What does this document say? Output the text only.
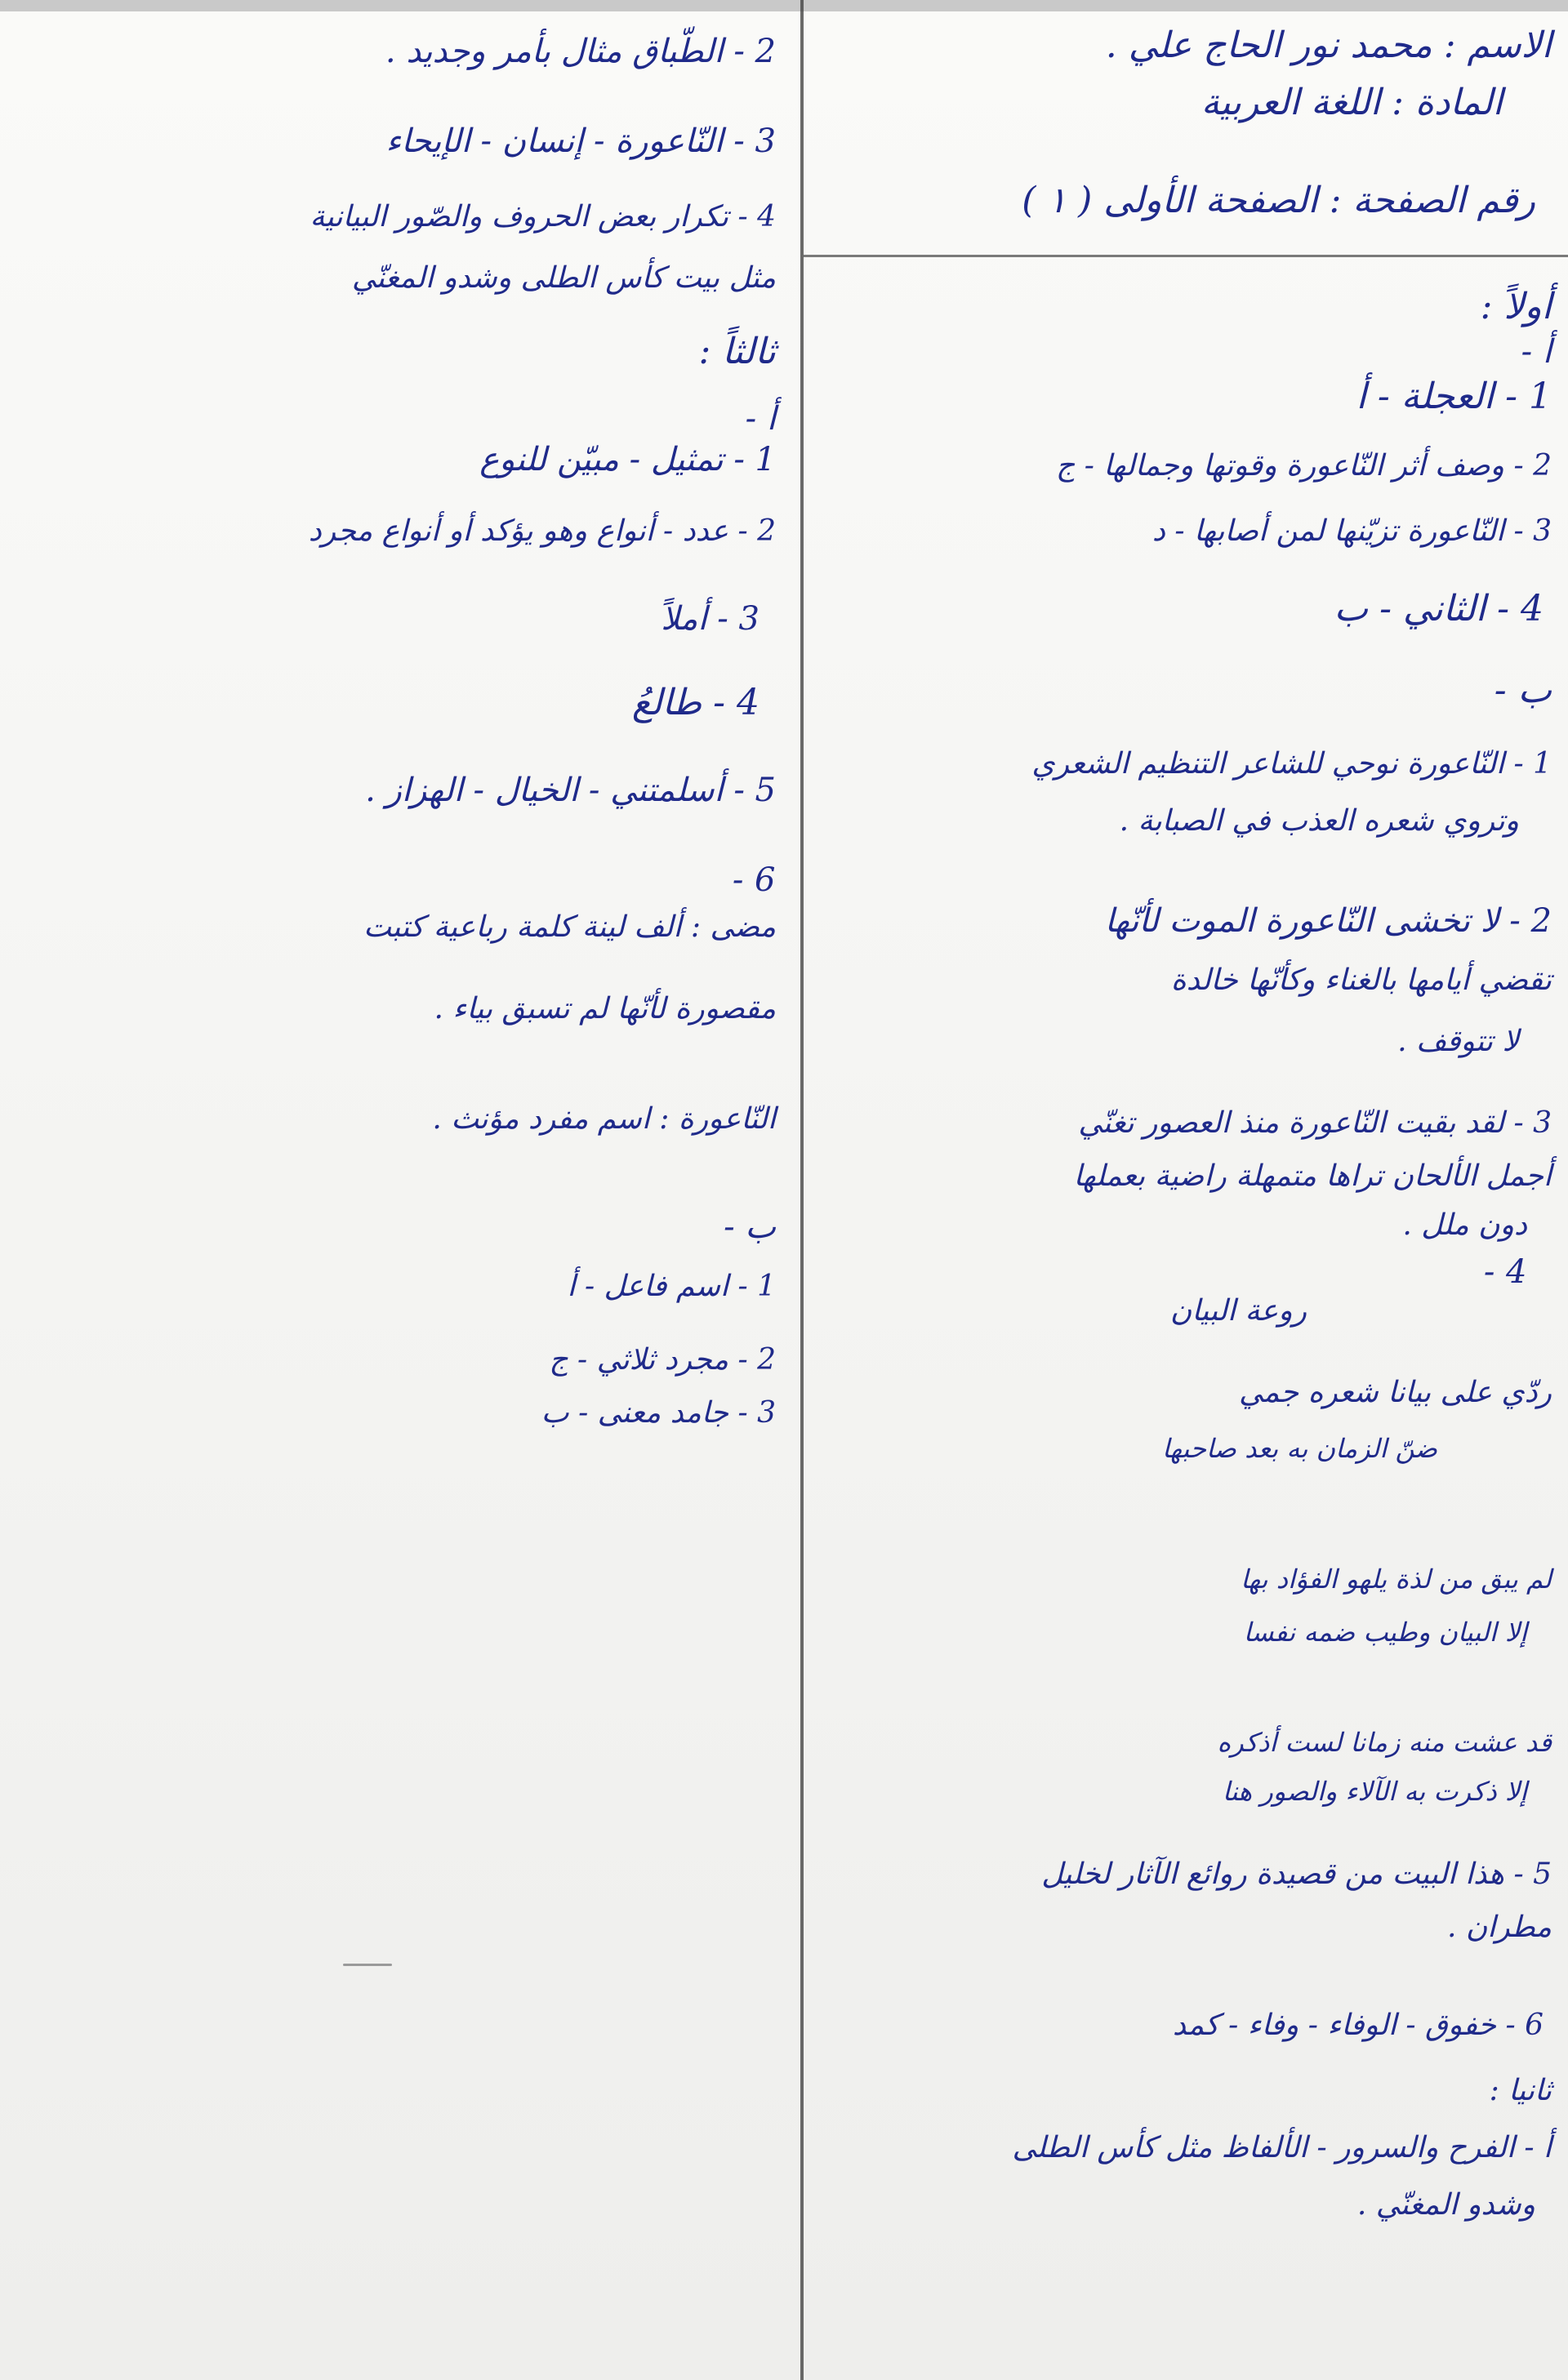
الاسم : محمد نور الحاج علي .
المادة : اللغة العربية
رقم الصفحة : الصفحة الأولى ( ١ )
أولاً :
أ -
1 - العجلة - أ
2 - وصف أثر النّاعورة وقوتها وجمالها - ج
3 - النّاعورة تزيّنها لمن أصابها - د
4 - الثاني - ب
ب -
1 - النّاعورة نوحي للشاعر التنظيم الشعري
وتروي شعره العذب في الصبابة .
2 - لا تخشى النّاعورة الموت لأنّها
تقضي أيامها بالغناء وكأنّها خالدة
لا تتوقف .
3 - لقد بقيت النّاعورة منذ العصور تغنّي
أجمل الألحان تراها متمهلة راضية بعملها
دون ملل .
4 -
روعة البيان
ردّي على بيانا شعره جمي
ضنّ الزمان به بعد صاحبها
لم يبق من لذة يلهو الفؤاد بها
إلا البيان وطيب ضمه نفسا
قد عشت منه زمانا لست أذكره
إلا ذكرت به الآلاء والصور هنا
5 - هذا البيت من قصيدة روائع الآثار لخليل
مطران .
6 - خفوق - الوفاء - وفاء - كمد
ثانيا :
أ - الفرح والسرور - الألفاظ مثل كأس الطلى
وشدو المغنّي .
2 - الطّباق مثال بأمر وجديد .
3 - النّاعورة - إنسان - الإيحاء
4 - تكرار بعض الحروف والصّور البيانية
مثل بيت كأس الطلى وشدو المغنّي
ثالثاً :
أ -
1 - تمثيل - مبيّن للنوع
2 - عدد - أنواع وهو يؤكد أو أنواع مجرد
3 - أملاً
4 - طالعُ
5 - أسلمتني - الخيال - الهزاز .
6 -
مضى : ألف لينة كلمة رباعية كتبت
مقصورة لأنّها لم تسبق بياء .
النّاعورة : اسم مفرد مؤنث .
ب -
1 - اسم فاعل - أ
2 - مجرد ثلاثي - ج
3 - جامد معنى - ب
